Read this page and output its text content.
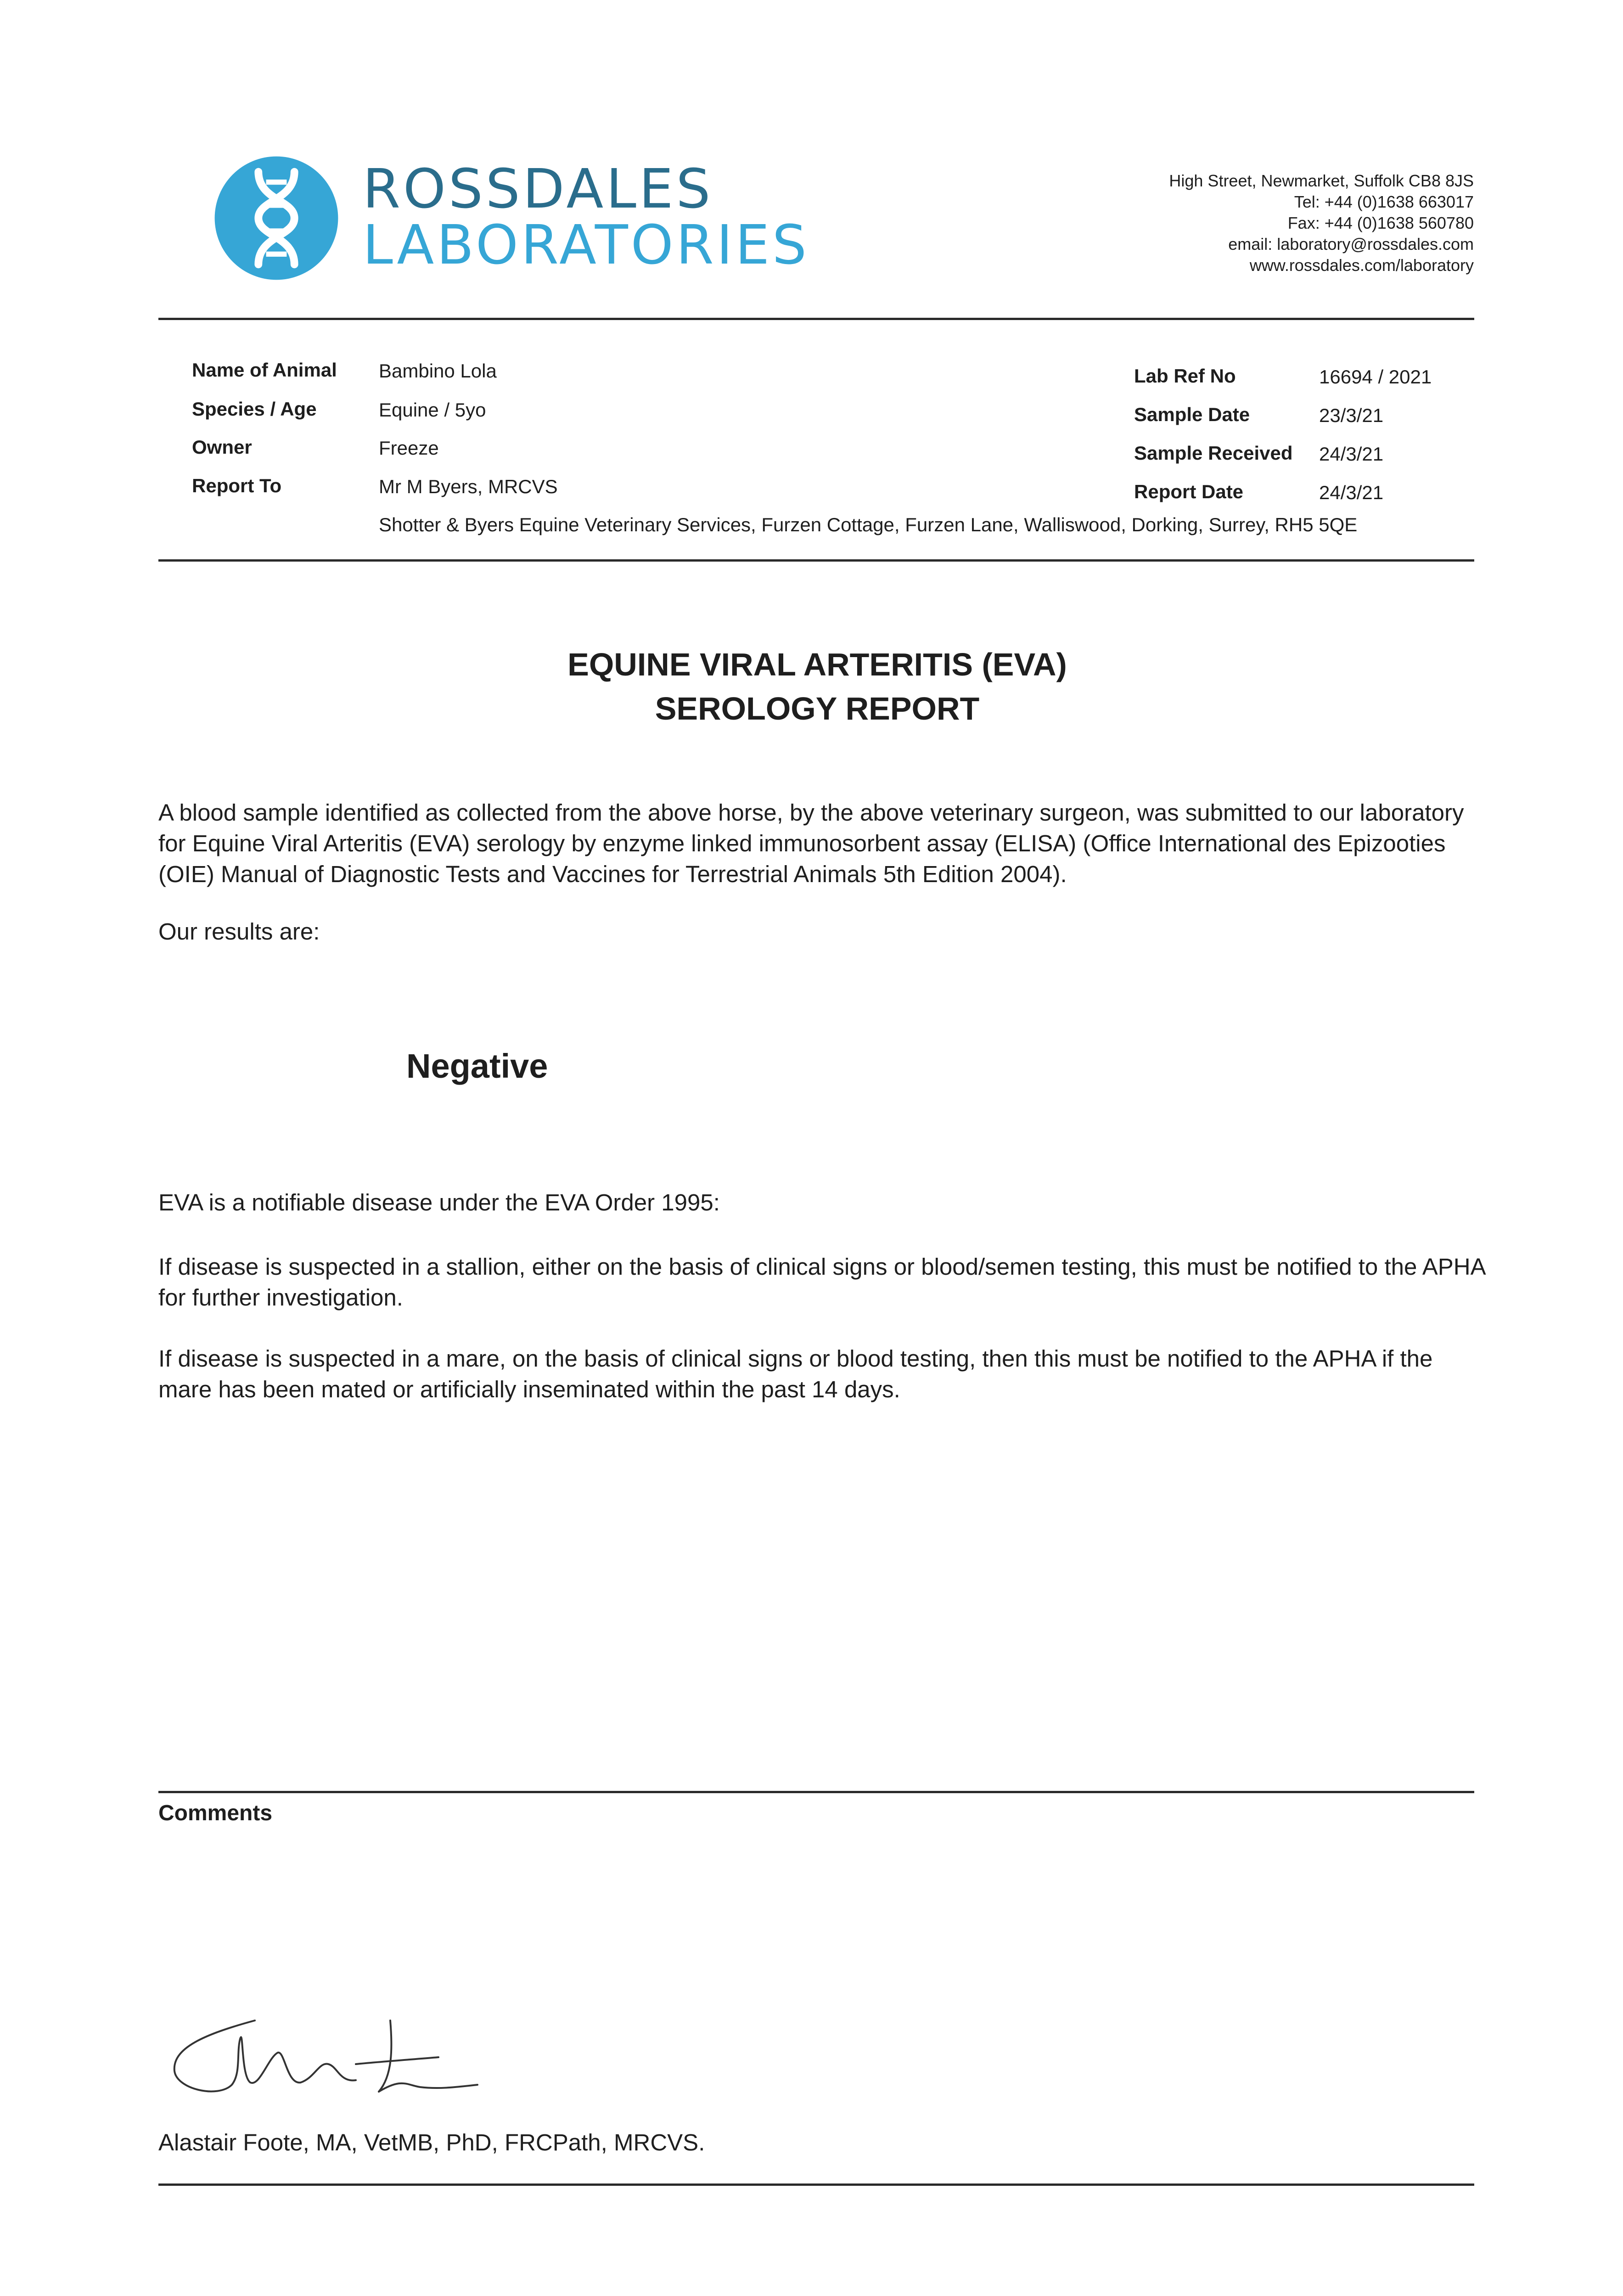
ROSSDALES
LABORATORIES
High Street, Newmarket, Suffolk CB8 8JS
Tel: +44 (0)1638 663017
Fax: +44 (0)1638 560780
email: laboratory@rossdales.com
www.rossdales.com/laboratory
Name of Animal Bambino Lola
Species / Age	Equine / 5yo
Owner	Freeze
Report To	Mr M Byers, MRCVS
Shotter & Byers Equine Veterinary Services, Furzen Cottage, Furzen Lane, Walliswood, Dorking, Surrey, RH5 5QE
Lab Ref No	16694 / 2021
Sample Date	23/3/21
Sample Received 24/3/21
Report Date	24/3/21
EQUINE VIRAL ARTERITIS (EVA)
SEROLOGY REPORT
A blood sample identified as collected from the above horse, by the above veterinary surgeon, was submitted to our laboratory for Equine Viral Arteritis (EVA) serology by enzyme linked immunosorbent assay (ELISA) (Office International des Epizooties (OIE) Manual of Diagnostic Tests and Vaccines for Terrestrial Animals 5th Edition 2004).
Our results are:
Negative
EVA is a notifiable disease under the EVA Order 1995:
If disease is suspected in a stallion, either on the basis of clinical signs or blood/semen testing, this must be notified to the APHA for further investigation.
If disease is suspected in a mare, on the basis of clinical signs or blood testing, then this must be notified to the APHA if the mare has been mated or artificially inseminated within the past 14 days.
Comments
Alastair Foote, MA, VetMB, PhD, FRCPath, MRCVS.
